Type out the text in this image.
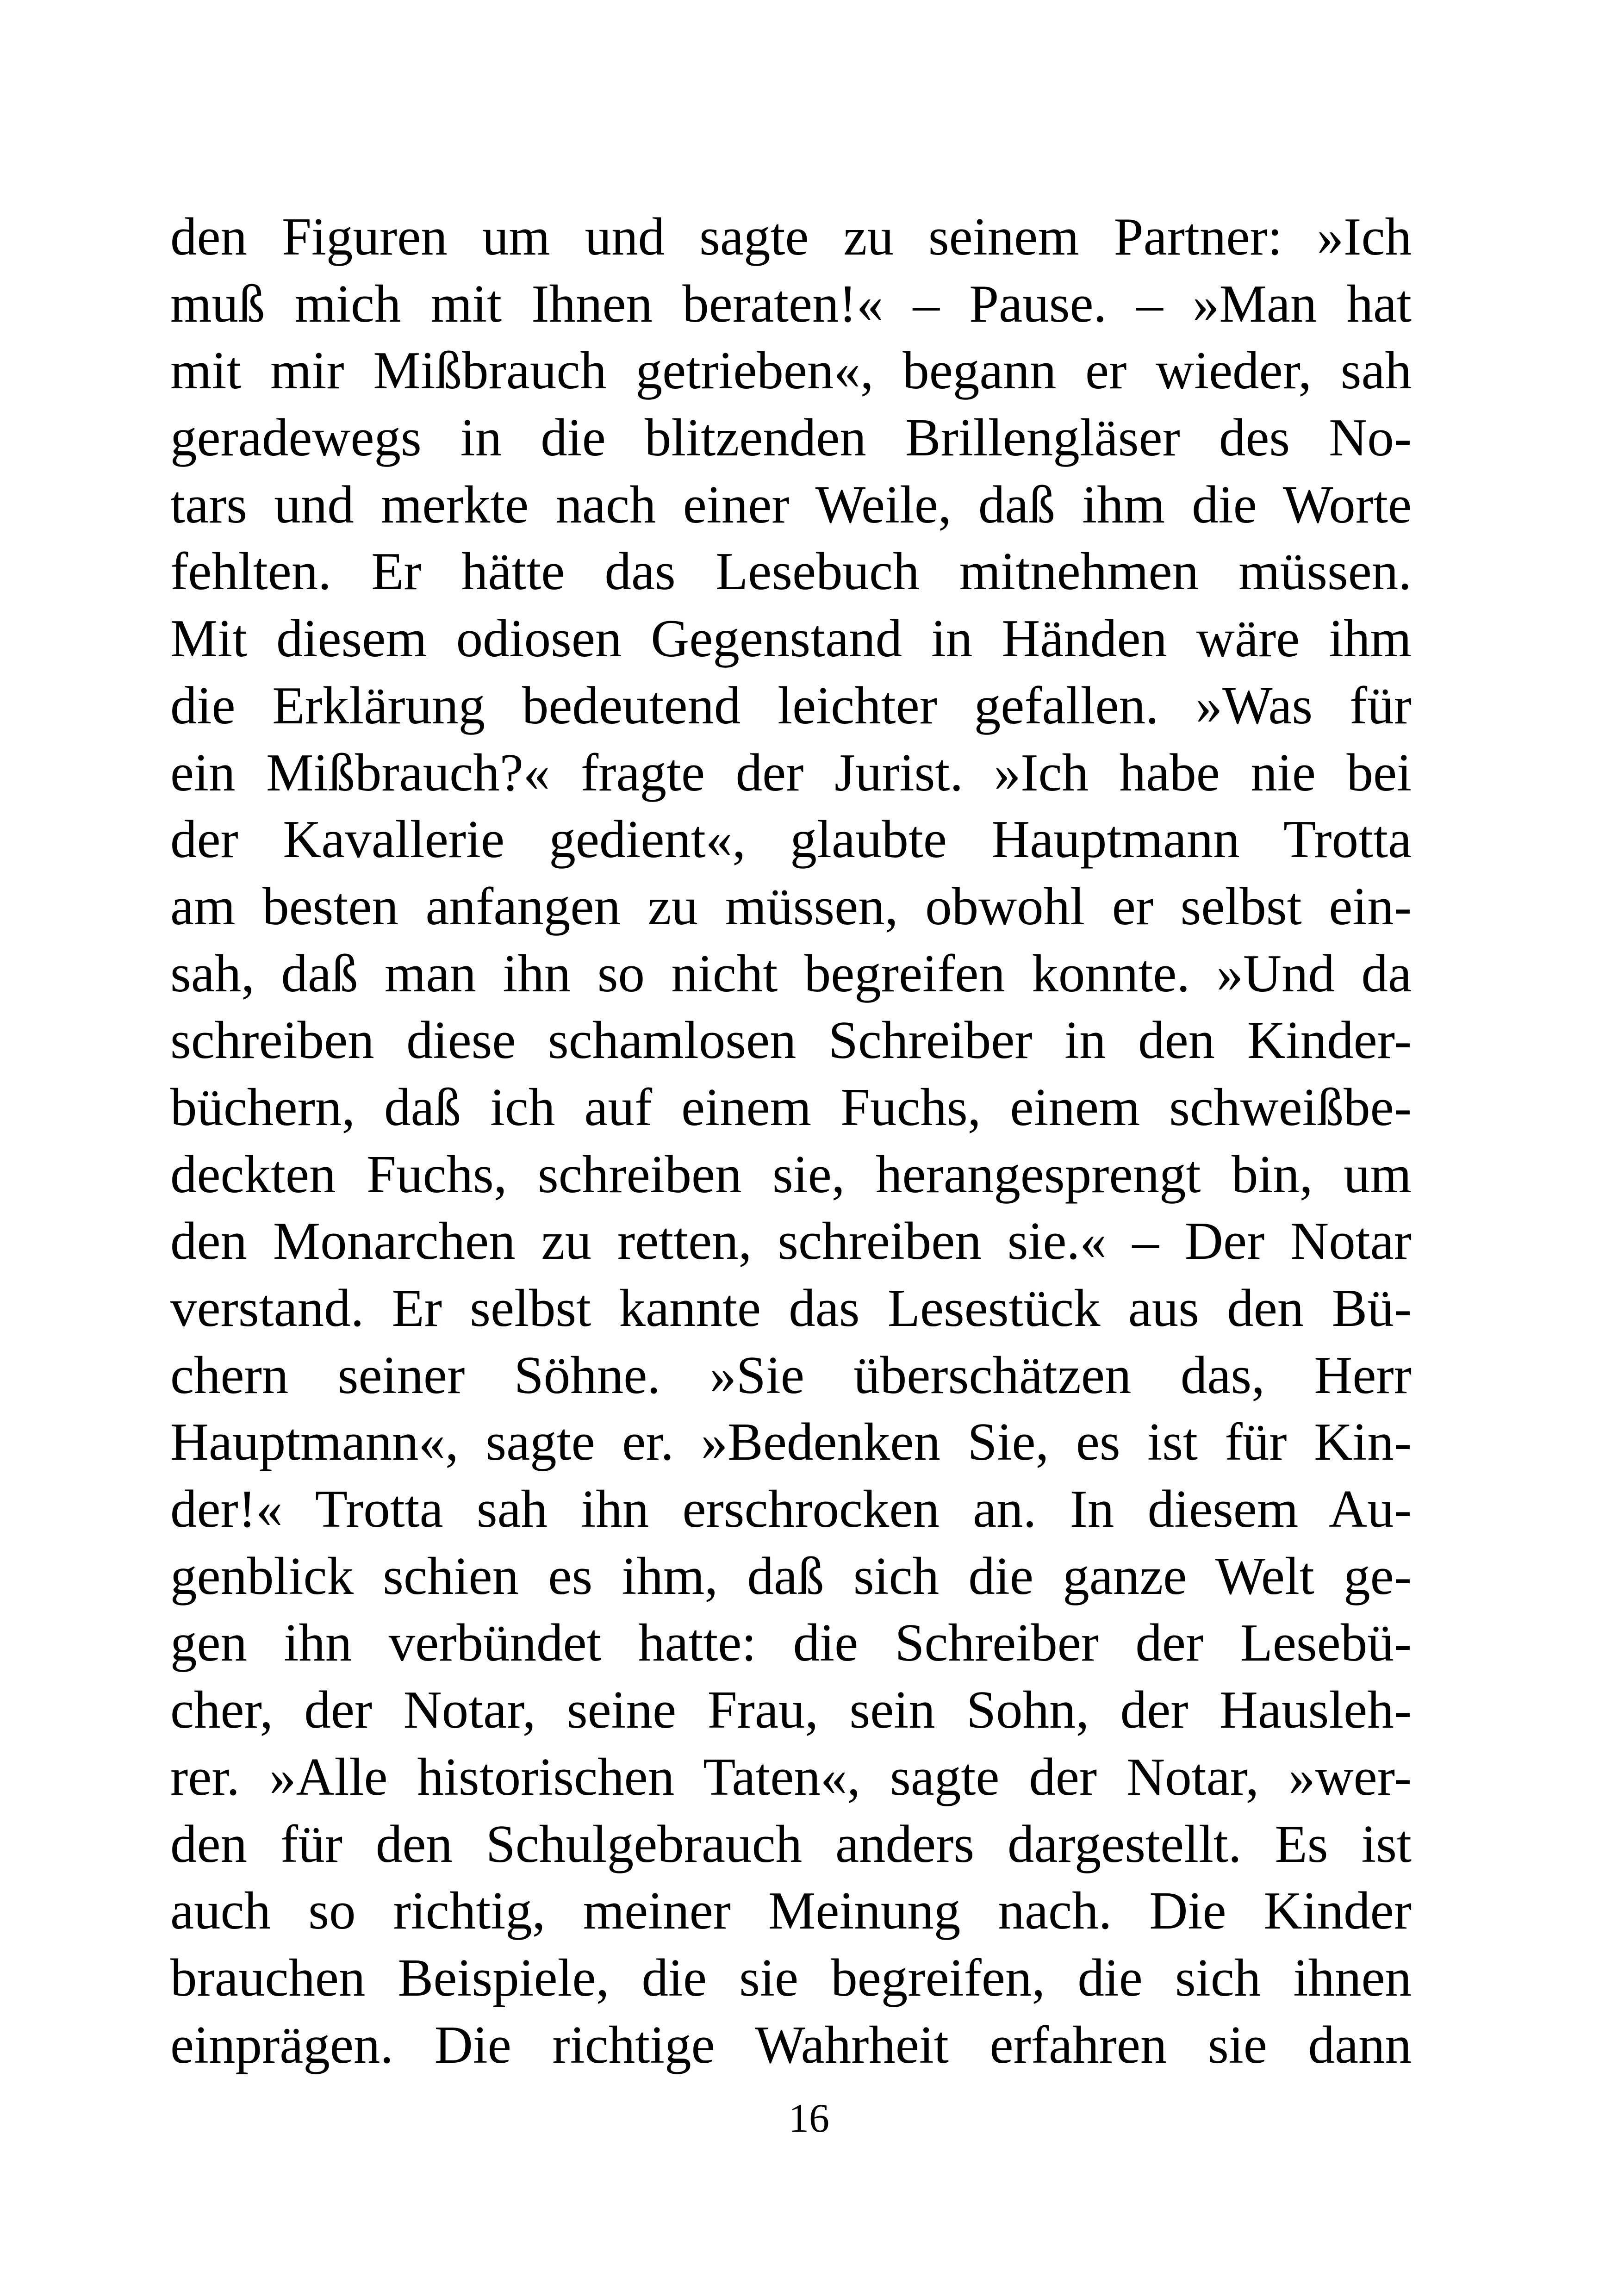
den Figuren um und sagte zu seinem Partner: »Ich
muß mich mit Ihnen beraten!« – Pause. – »Man hat
mit mir Mißbrauch getrieben«, begann er wieder, sah
geradewegs in die blitzenden Brillengläser des No-
tars und merkte nach einer Weile, daß ihm die Worte
fehlten. Er hätte das Lesebuch mitnehmen müssen.
Mit diesem odiosen Gegenstand in Händen wäre ihm
die Erklärung bedeutend leichter gefallen. »Was für
ein Mißbrauch?« fragte der Jurist. »Ich habe nie bei
der Kavallerie gedient«, glaubte Hauptmann Trotta
am besten anfangen zu müssen, obwohl er selbst ein-
sah, daß man ihn so nicht begreifen konnte. »Und da
schreiben diese schamlosen Schreiber in den Kinder-
büchern, daß ich auf einem Fuchs, einem schweißbe-
deckten Fuchs, schreiben sie, herangesprengt bin, um
den Monarchen zu retten, schreiben sie.« – Der Notar
verstand. Er selbst kannte das Lesestück aus den Bü-
chern seiner Söhne. »Sie überschätzen das, Herr
Hauptmann«, sagte er. »Bedenken Sie, es ist für Kin-
der!« Trotta sah ihn erschrocken an. In diesem Au-
genblick schien es ihm, daß sich die ganze Welt ge-
gen ihn verbündet hatte: die Schreiber der Lesebü-
cher, der Notar, seine Frau, sein Sohn, der Hausleh-
rer. »Alle historischen Taten«, sagte der Notar, »wer-
den für den Schulgebrauch anders dargestellt. Es ist
auch so richtig, meiner Meinung nach. Die Kinder
brauchen Beispiele, die sie begreifen, die sich ihnen
einprägen. Die richtige Wahrheit erfahren sie dann
16
